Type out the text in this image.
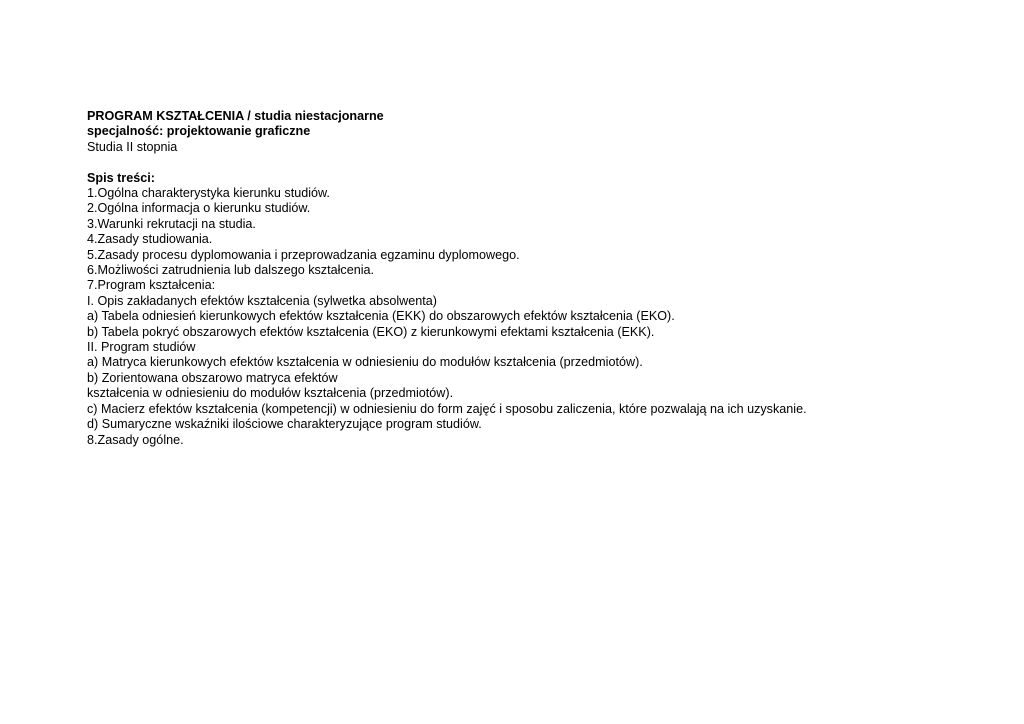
PROGRAM KSZTAŁCENIA / studia niestacjonarne
specjalność: projektowanie graficzne
Studia II stopnia
Spis treści:
1.Ogólna charakterystyka kierunku studiów.
2.Ogólna informacja o kierunku studiów.
3.Warunki rekrutacji na studia.
4.Zasady studiowania.
5.Zasady procesu dyplomowania i przeprowadzania egzaminu dyplomowego.
6.Możliwości zatrudnienia lub dalszego kształcenia.
7.Program kształcenia:
I. Opis zakładanych efektów kształcenia (sylwetka absolwenta)
a) Tabela odniesień kierunkowych efektów kształcenia (EKK) do obszarowych efektów kształcenia (EKO).
b) Tabela pokryć obszarowych efektów kształcenia (EKO) z kierunkowymi efektami kształcenia (EKK).
II. Program studiów
a) Matryca kierunkowych efektów kształcenia w odniesieniu do modułów kształcenia (przedmiotów).
b) Zorientowana obszarowo matryca efektów
kształcenia w odniesieniu do modułów kształcenia (przedmiotów).
c) Macierz efektów kształcenia (kompetencji) w odniesieniu do form zajęć i sposobu zaliczenia, które pozwalają na ich uzyskanie.
d) Sumaryczne wskaźniki ilościowe charakteryzujące program studiów.
8.Zasady ogólne.
